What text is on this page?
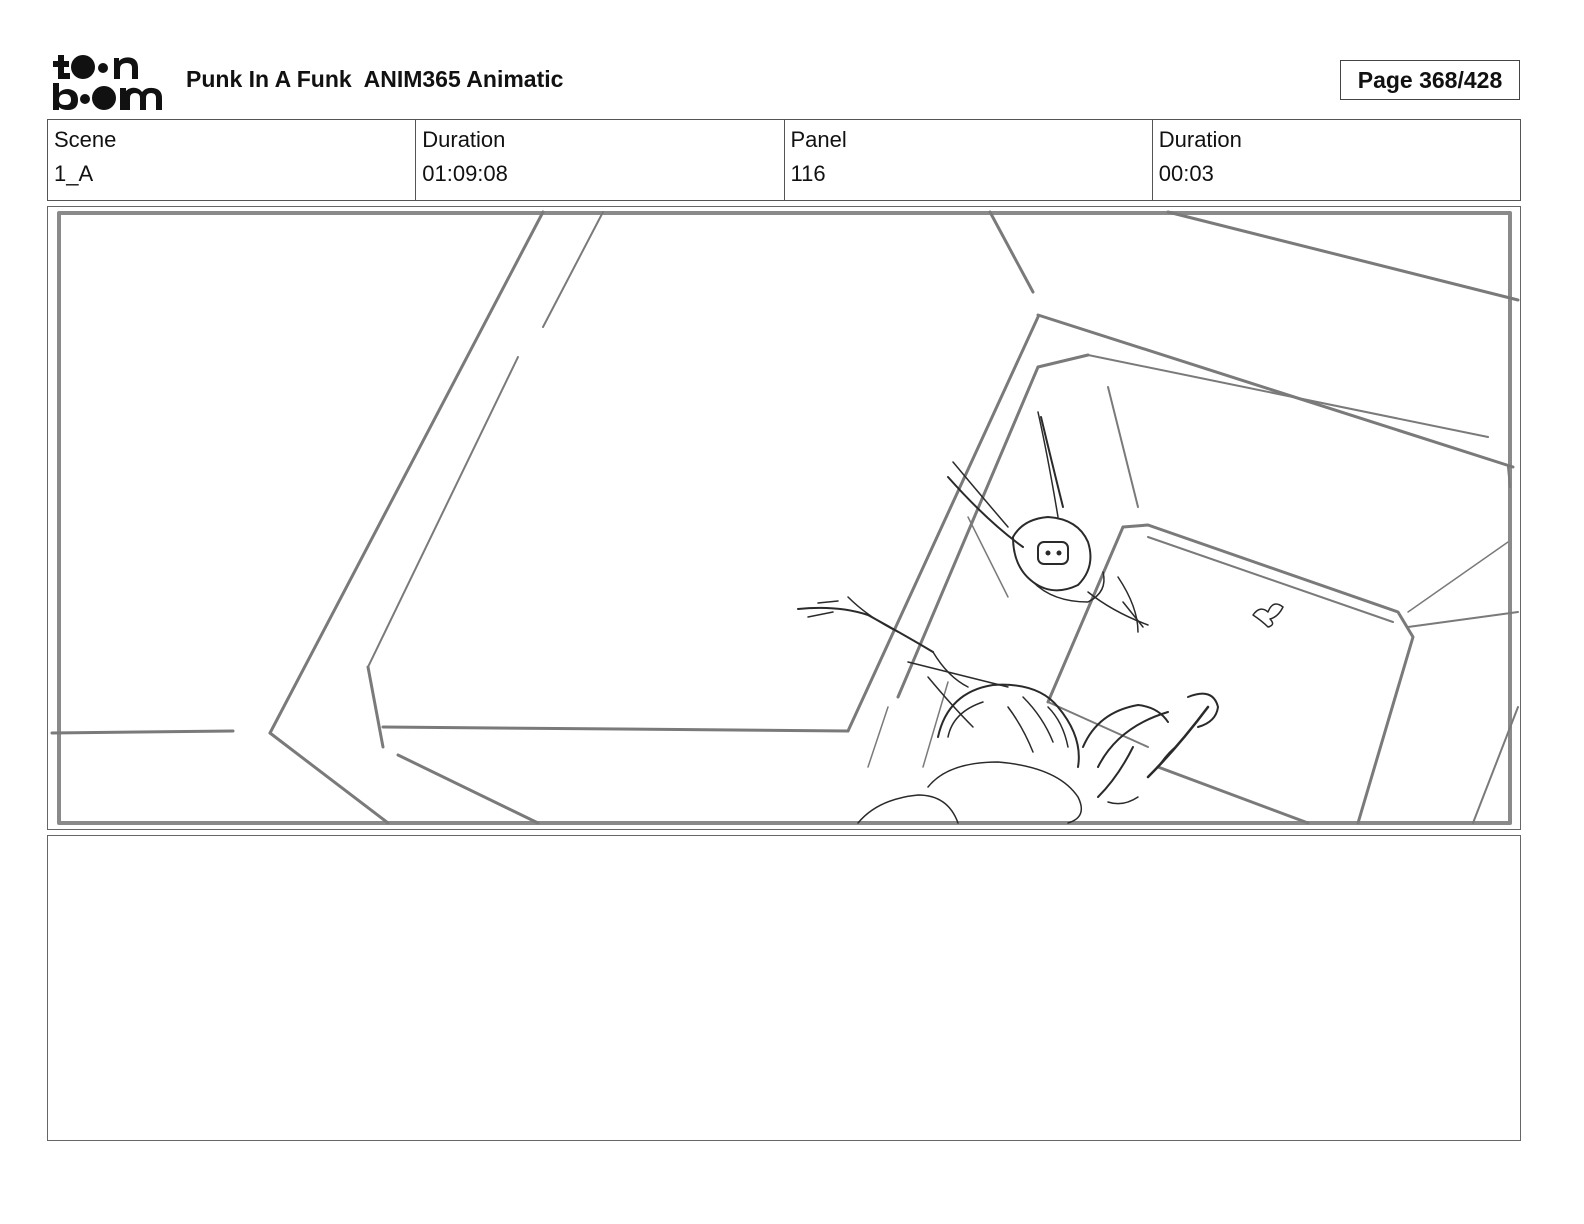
Punk In A Funk  ANIM365 Animatic	Page 368/428
Scene
1_A
Duration
01:09:08
Panel
116
Duration
00:03
